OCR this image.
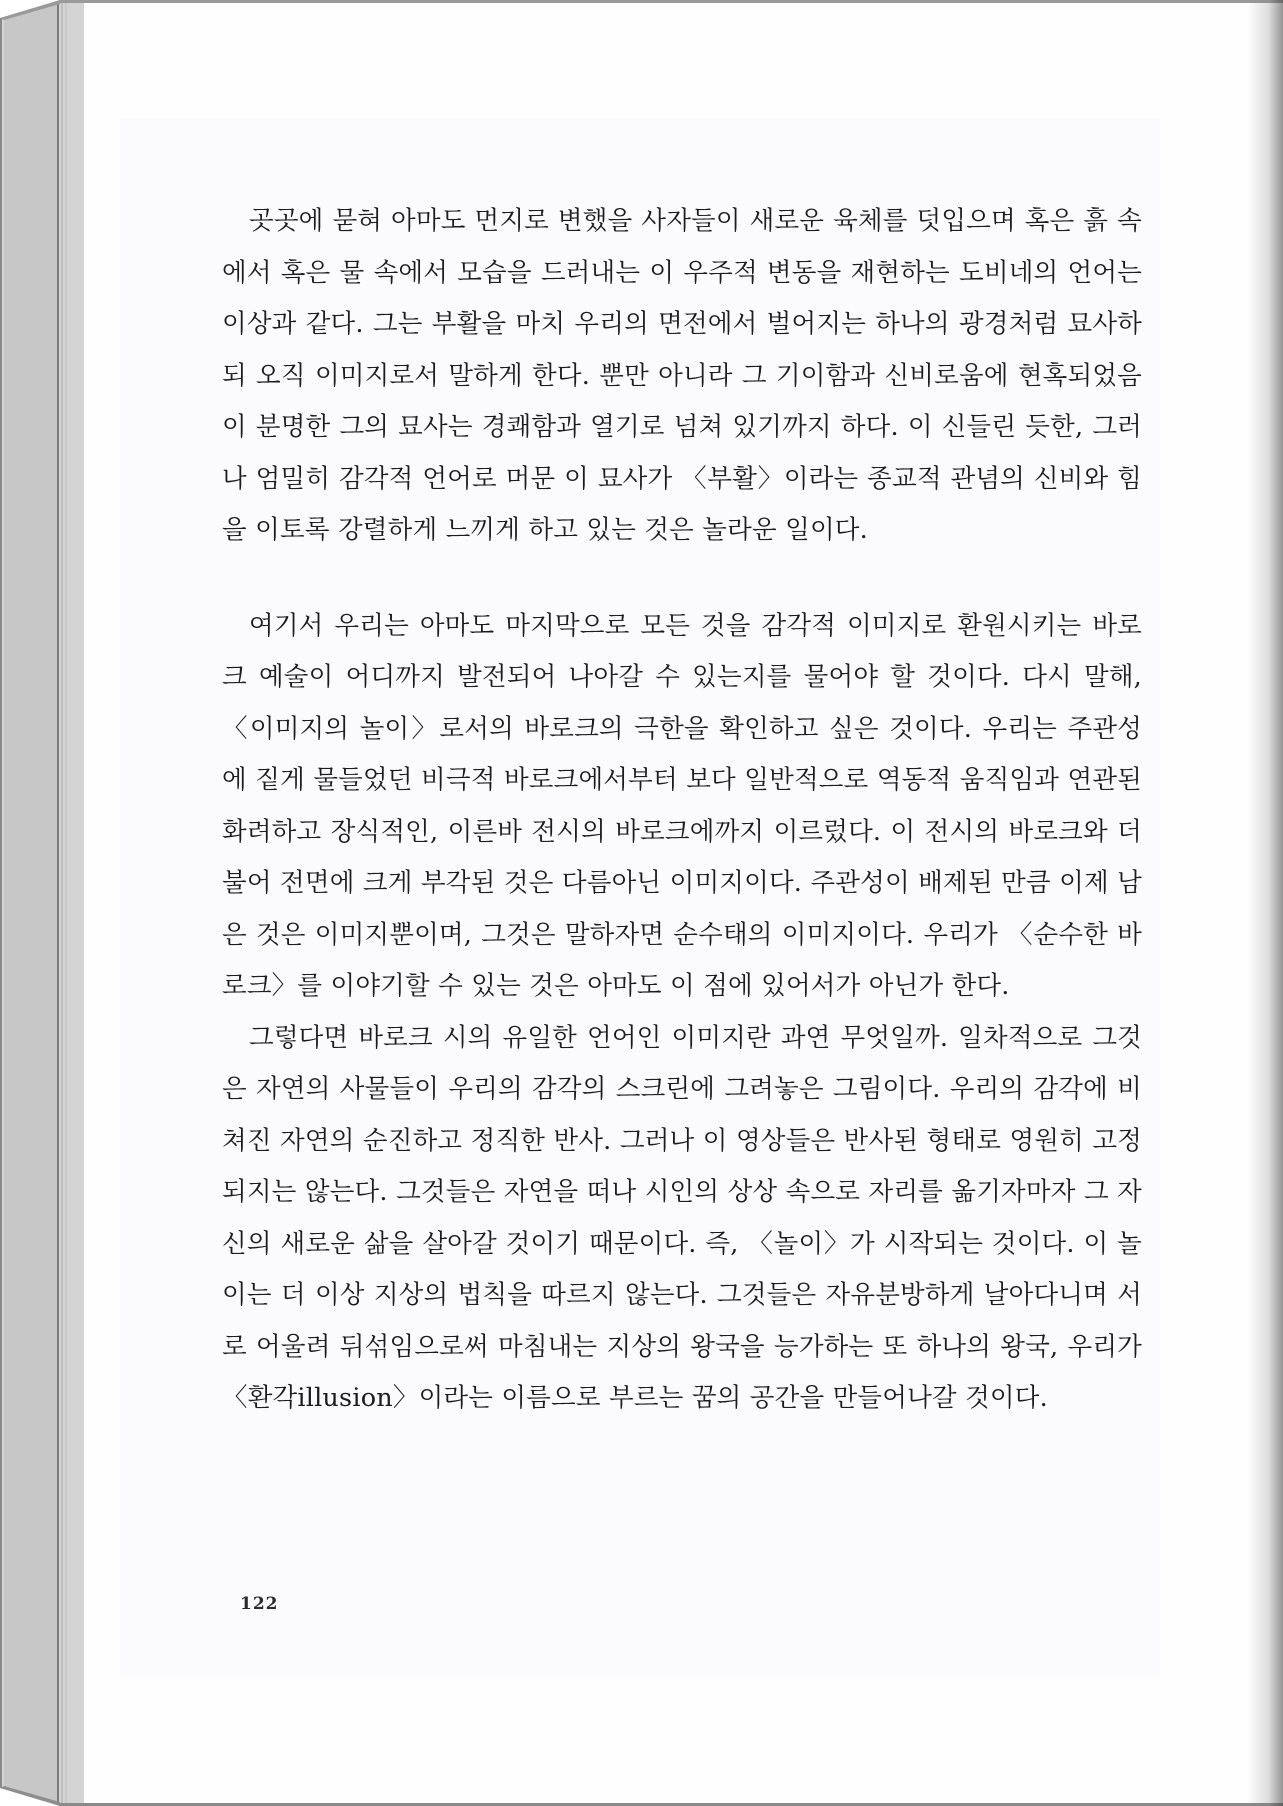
곳곳에 묻혀 아마도 먼지로 변했을 사자들이 새로운 육체를 덧입으며 혹은 흙 속에서 혹은 물 속에서 모습을 드러내는 이 우주적 변동을 재현하는 도비네의 언어는 이상과 같다. 그는 부활을 마치 우리의 면전에서 벌어지는 하나의 광경처럼 묘사하되 오직 이미지로서 말하게 한다. 뿐만 아니라 그 기이함과 신비로움에 현혹되었음이 분명한 그의 묘사는 경쾌함과 열기로 넘쳐 있기까지 하다. 이 신들린 듯한, 그러나 엄밀히 감각적 언어로 머문 이 묘사가 〈부활〉이라는 종교적 관념의 신비와 힘을 이토록 강렬하게 느끼게 하고 있는 것은 놀라운 일이다.

여기서 우리는 아마도 마지막으로 모든 것을 감각적 이미지로 환원시키는 바로크 예술이 어디까지 발전되어 나아갈 수 있는지를 물어야 할 것이다. 다시 말해, 〈이미지의 놀이〉로서의 바로크의 극한을 확인하고 싶은 것이다. 우리는 주관성에 짙게 물들었던 비극적 바로크에서부터 보다 일반적으로 역동적 움직임과 연관된 화려하고 장식적인, 이른바 전시의 바로크에까지 이르렀다. 이 전시의 바로크와 더불어 전면에 크게 부각된 것은 다름아닌 이미지이다. 주관성이 배제된 만큼 이제 남은 것은 이미지뿐이며, 그것은 말하자면 순수태의 이미지이다. 우리가 〈순수한 바로크〉를 이야기할 수 있는 것은 아마도 이 점에 있어서가 아닌가 한다.

그렇다면 바로크 시의 유일한 언어인 이미지란 과연 무엇일까. 일차적으로 그것은 자연의 사물들이 우리의 감각의 스크린에 그려놓은 그림이다. 우리의 감각에 비쳐진 자연의 순진하고 정직한 반사. 그러나 이 영상들은 반사된 형태로 영원히 고정되지는 않는다. 그것들은 자연을 떠나 시인의 상상 속으로 자리를 옮기자마자 그 자신의 새로운 삶을 살아갈 것이기 때문이다. 즉, 〈놀이〉가 시작되는 것이다. 이 놀이는 더 이상 지상의 법칙을 따르지 않는다. 그것들은 자유분방하게 날아다니며 서로 어울려 뒤섞임으로써 마침내는 지상의 왕국을 능가하는 또 하나의 왕국, 우리가 〈환각illusion〉이라는 이름으로 부르는 꿈의 공간을 만들어나갈 것이다.

122
